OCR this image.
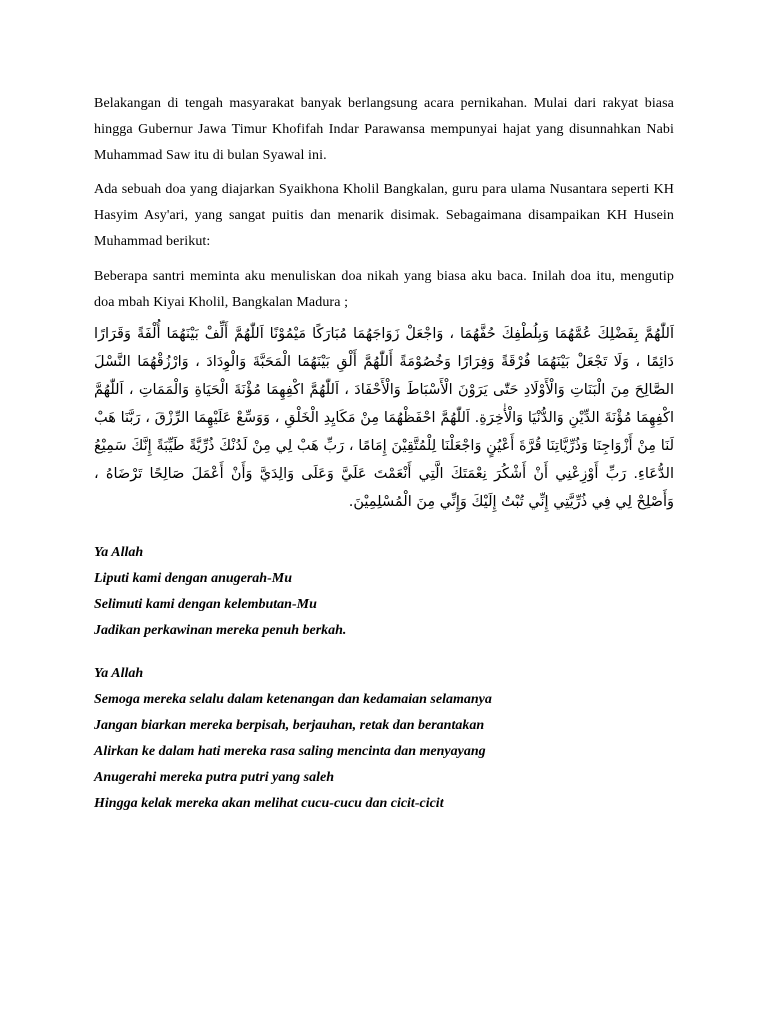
Belakangan di tengah masyarakat banyak berlangsung acara pernikahan. Mulai dari rakyat biasa hingga Gubernur Jawa Timur Khofifah Indar Parawansa mempunyai hajat yang disunnahkan Nabi Muhammad Saw itu di bulan Syawal ini.

Ada sebuah doa yang diajarkan Syaikhona Kholil Bangkalan, guru para ulama Nusantara seperti KH Hasyim Asy'ari, yang sangat puitis dan menarik disimak. Sebagaimana disampaikan KH Husein Muhammad berikut:

Beberapa santri meminta aku menuliskan doa nikah yang biasa aku baca. Inilah doa itu, mengutip doa mbah Kiyai Kholil, Bangkalan Madura ;

اَللّٰهُمَّ بِفَضْلِكَ عُمَّهُمَا وَبِلُطْفِكَ حُفَّهُمَا ، وَاجْعَلْ زَوَاجَهُمَا مُبَارَكًا مَيْمُوْنًا اَللّٰهُمَّ أَلِّفْ بَيْنَهُمَا أُلْفَةً وَقَرَارًا دَائِمًا ، وَلَا تَجْعَلْ بَيْنَهُمَا فُرْقَةً وَفِرَارًا وَخُصُوْمَةً أَللّٰهُمَّ أَلْقِ بَيْنَهُمَا الْمَحَبَّةَ وَالْوِدَادَ ، وَارْزُقْهُمَا النَّسْلَ الصَّالِحَ مِنَ الْبَنَاتِ وَالْأَوْلَادِ حَتّٰى يَرَوْنَ الْأَسْبَاطَ وَالْأَحْفَادَ ، اَللّٰهُمَّ اكْفِهِمَا مُؤْنَةَ الْحَيَاةِ وَالْمَمَاتِ ، اَللّٰهُمَّ اكْفِهِمَا مُؤْنَةَ الدِّيْنِ وَالدُّنْيَا وَالْأٰخِرَةِ. اَللّٰهُمَّ احْفَظْهُمَا مِنْ مَكَايِدِ الْخَلْقِ ، وَوَسِّعْ عَلَيْهِمَا الرِّزْقَ ، رَبَّنَا هَبْ لَنَا مِنْ أَزْوَاجِنَا وَذُرِّيَّاتِنَا قُرَّةَ أَعْيُنٍ وَاجْعَلْنَا لِلْمُتَّقِيْنَ إِمَامًا ، رَبِّ هَبْ لِي مِنْ لَدُنْكَ ذُرِّيَّةً طَيِّبَةً إِنَّكَ سَمِيْعُ الدُّعَاءِ. رَبِّ أَوْزِعْنِي أَنْ أَشْكُرَ نِعْمَتَكَ الَّتِي أَنْعَمْتَ عَلَيَّ وَعَلَى وَالِدَيَّ وَأَنْ أَعْمَلَ صَالِحًا تَرْضَاهُ ، وَأَصْلِحْ لِي فِي ذُرِّيَّتِي إِنِّي تُبْتُ إِلَيْكَ وَإِنِّي مِنَ الْمُسْلِمِيْنَ.

Ya Allah
Liputi kami dengan anugerah-Mu
Selimuti kami dengan kelembutan-Mu
Jadikan perkawinan mereka penuh berkah.
Ya Allah
Semoga mereka selalu dalam ketenangan dan kedamaian selamanya
Jangan biarkan mereka berpisah, berjauhan, retak dan berantakan
Alirkan ke dalam hati mereka rasa saling mencinta dan menyayang
Anugerahi mereka putra putri yang saleh
Hingga kelak mereka akan melihat cucu-cucu dan cicit-cicit
